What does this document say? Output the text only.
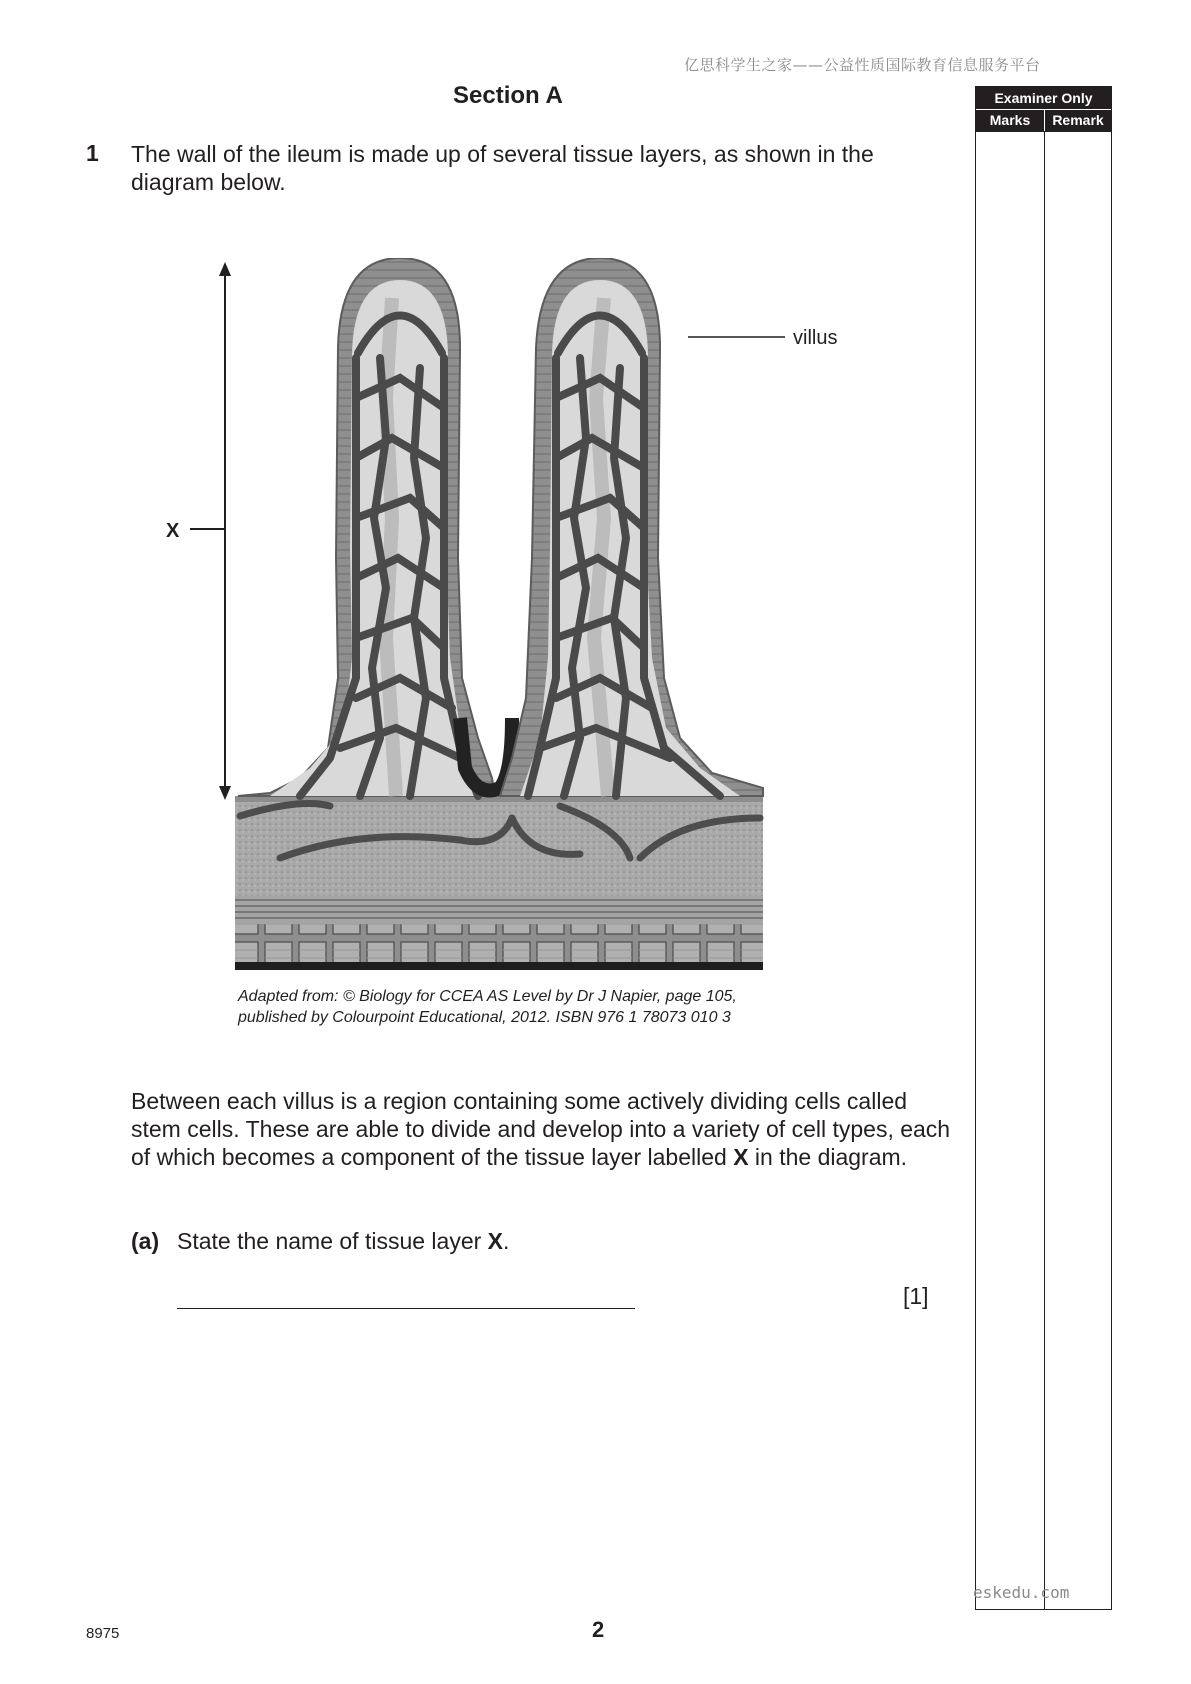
亿思科学生之家——公益性质国际教育信息服务平台
Section A
1 The wall of the ileum is made up of several tissue layers, as shown in the diagram below.
X
villus
Adapted from: © Biology for CCEA AS Level by Dr J Napier, page 105,
published by Colourpoint Educational, 2012. ISBN 976 1 78073 010 3
Between each villus is a region containing some actively dividing cells called stem cells. These are able to divide and develop into a variety of cell types, each of which becomes a component of the tissue layer labelled X in the diagram.
(a) State the name of tissue layer X.
[1]
Examiner Only
Marks	Remark
eskedu.com
8975	2
